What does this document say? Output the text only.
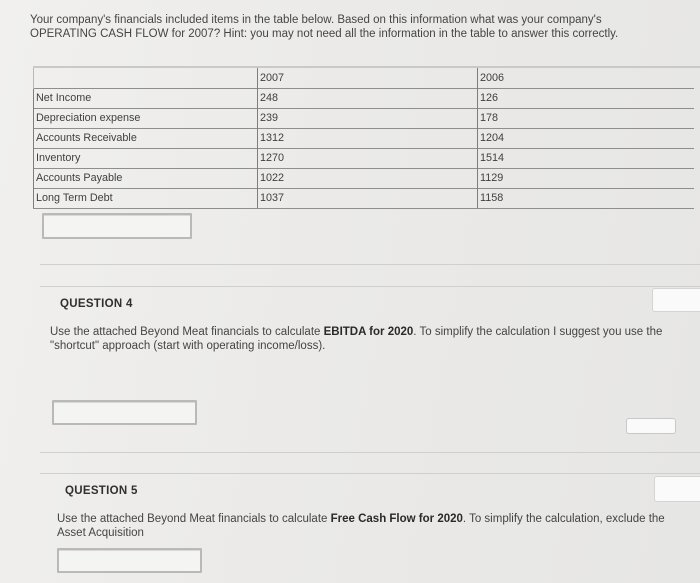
Your company's financials included items in the table below. Based on this information what was your company's
OPERATING CASH FLOW for 2007? Hint: you may not need all the information in the table to answer this correctly.
	2007	2006
Net Income	248	126
Depreciation expense	239	178
Accounts Receivable	1312	1204
Inventory	1270	1514
Accounts Payable	1022	1129
Long Term Debt	1037	1158
QUESTION 4
Use the attached Beyond Meat financials to calculate EBITDA for 2020. To simplify the calculation I suggest you use the
"shortcut" approach (start with operating income/loss).
QUESTION 5
Use the attached Beyond Meat financials to calculate Free Cash Flow for 2020. To simplify the calculation, exclude the
Asset Acquisition
